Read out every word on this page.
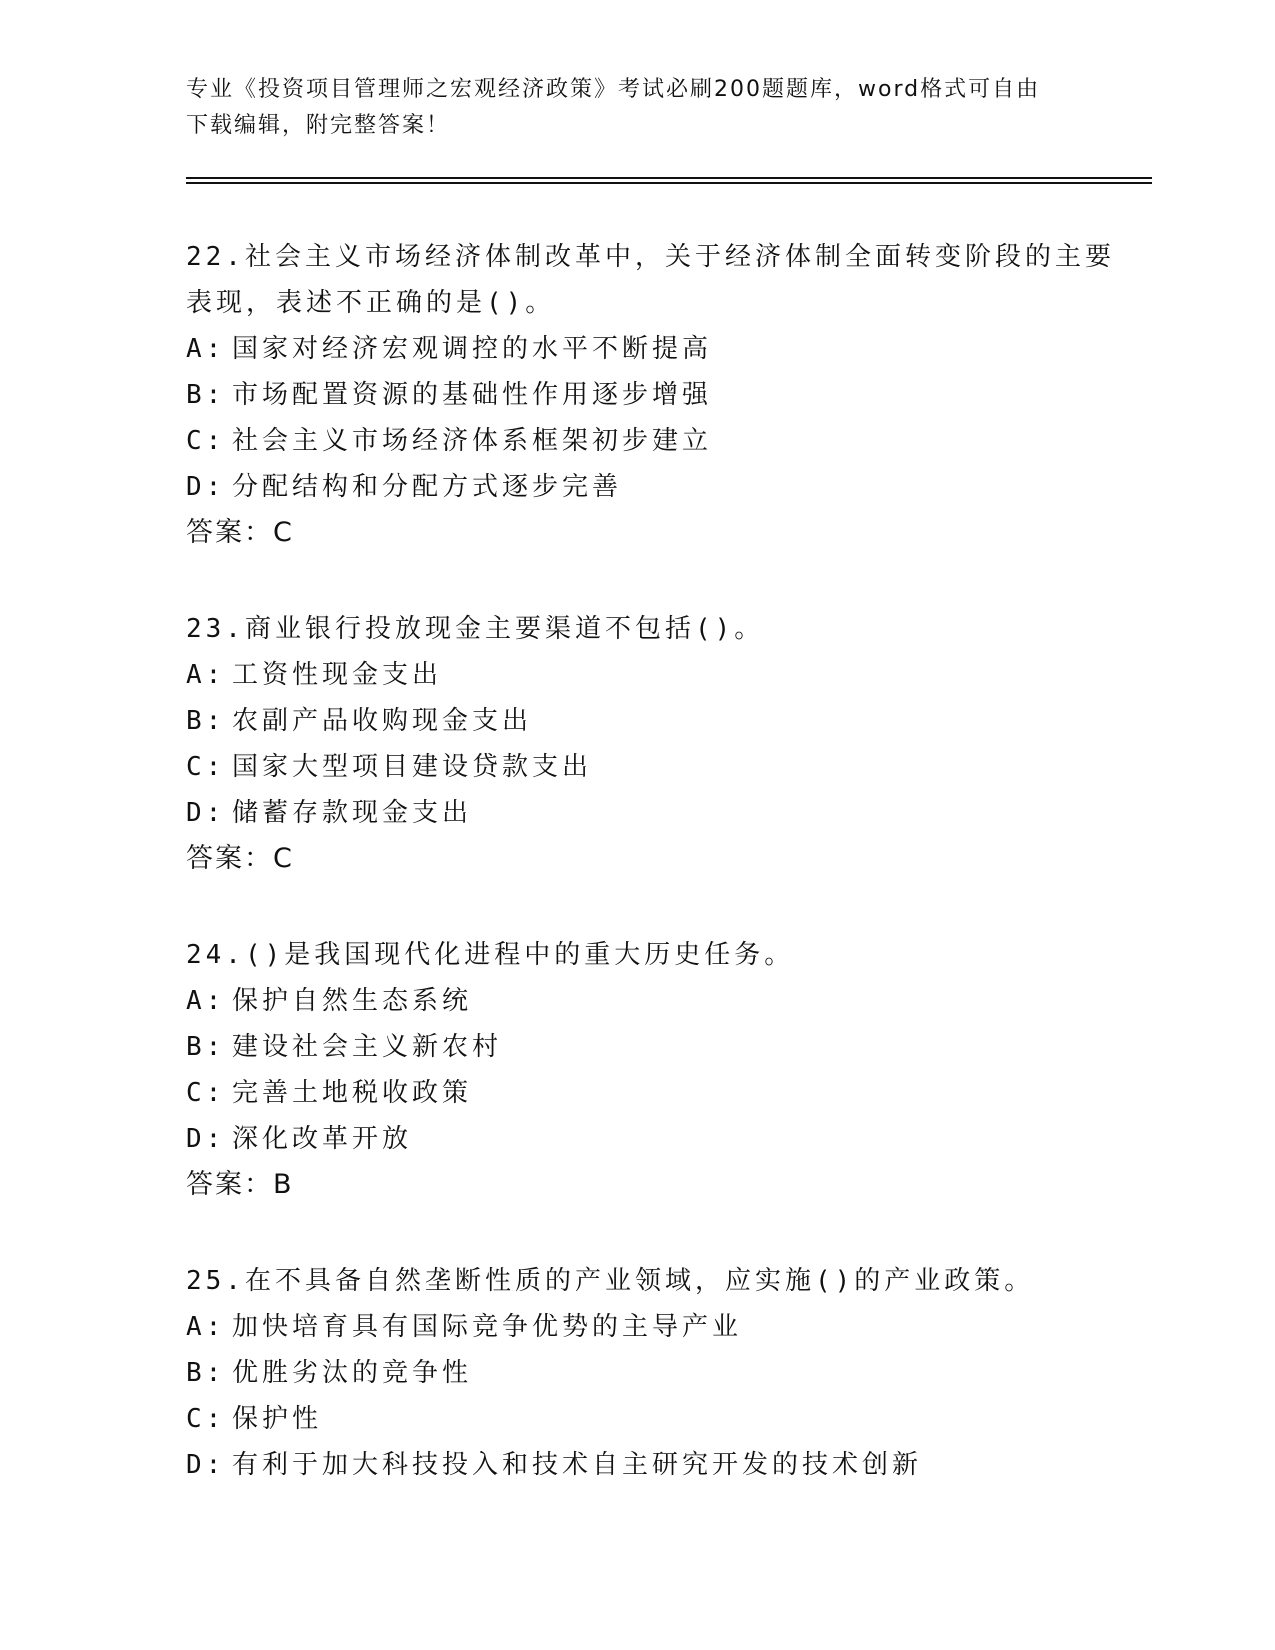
专业《投资项目管理师之宏观经济政策》考试必刷200题题库，word格式可自由
下载编辑，附完整答案！
22.社会主义市场经济体制改革中，关于经济体制全面转变阶段的主要
表现，表述不正确的是()。
A: 国家对经济宏观调控的水平不断提高
B: 市场配置资源的基础性作用逐步增强
C: 社会主义市场经济体系框架初步建立
D: 分配结构和分配方式逐步完善
答案：C
23.商业银行投放现金主要渠道不包括()。
A: 工资性现金支出
B: 农副产品收购现金支出
C: 国家大型项目建设贷款支出
D: 储蓄存款现金支出
答案：C
24.()是我国现代化进程中的重大历史任务。
A: 保护自然生态系统
B: 建设社会主义新农村
C: 完善土地税收政策
D: 深化改革开放
答案：B
25.在不具备自然垄断性质的产业领域，应实施()的产业政策。
A: 加快培育具有国际竞争优势的主导产业
B: 优胜劣汰的竞争性
C: 保护性
D: 有利于加大科技投入和技术自主研究开发的技术创新
